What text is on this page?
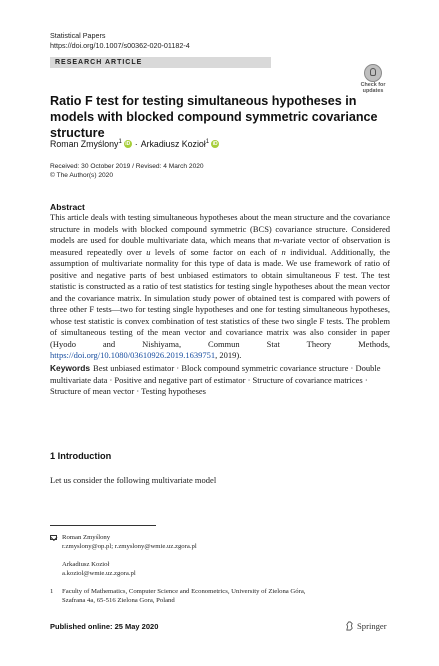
Statistical Papers
https://doi.org/10.1007/s00362-020-01182-4
RESEARCH ARTICLE
Check for
updates
Ratio F test for testing simultaneous hypotheses in models with blocked compound symmetric covariance structure
Roman Zmyślony$^1$ iD · Arkadiusz Kozioł$^1$ iD
Received: 30 October 2019 / Revised: 4 March 2020
© The Author(s) 2020
Abstract
This article deals with testing simultaneous hypotheses about the mean structure and the covariance structure in models with blocked compound symmetric (BCS) covariance structure. Considered models are used for double multivariate data, which means that m-variate vector of observation is measured repeatedly over u levels of some factor on each of n individual. Additionally, the assumption of multivariate normality for this type of data is made. We use framework of ratio of positive and negative parts of best unbiased estimators to obtain simultaneous F test. The test statistic is constructed as a ratio of test statistics for testing single hypotheses about the mean vector and the covariance matrix. In simulation study power of obtained test is compared with powers of three other F tests—two for testing single hypotheses and one for testing simultaneous hypotheses, whose test statistic is convex combination of test statistics of these two single F tests. The problem of simultaneous testing of the mean vector and covariance matrix was also consider in paper (Hyodo and Nishiyama, Commun Stat Theory Methods, https://doi.org/10.1080/03610926.2019.1639751, 2019).
Keywords Best unbiased estimator · Block compound symmetric covariance structure · Double multivariate data · Positive and negative part of estimator · Structure of covariance matrices · Structure of mean vector · Testing hypotheses
1 Introduction
Let us consider the following multivariate model
Roman Zmyślony
r.zmyslony@op.pl; r.zmyslony@wmie.uz.zgora.pl
Arkadiusz Kozioł
a.koziol@wmie.uz.zgora.pl
1 Faculty of Mathematics, Computer Science and Econometrics, University of Zielona Góra,
Szafrana 4a, 65-516 Zielona Gora, Poland
Published online: 25 May 2020	Springer
